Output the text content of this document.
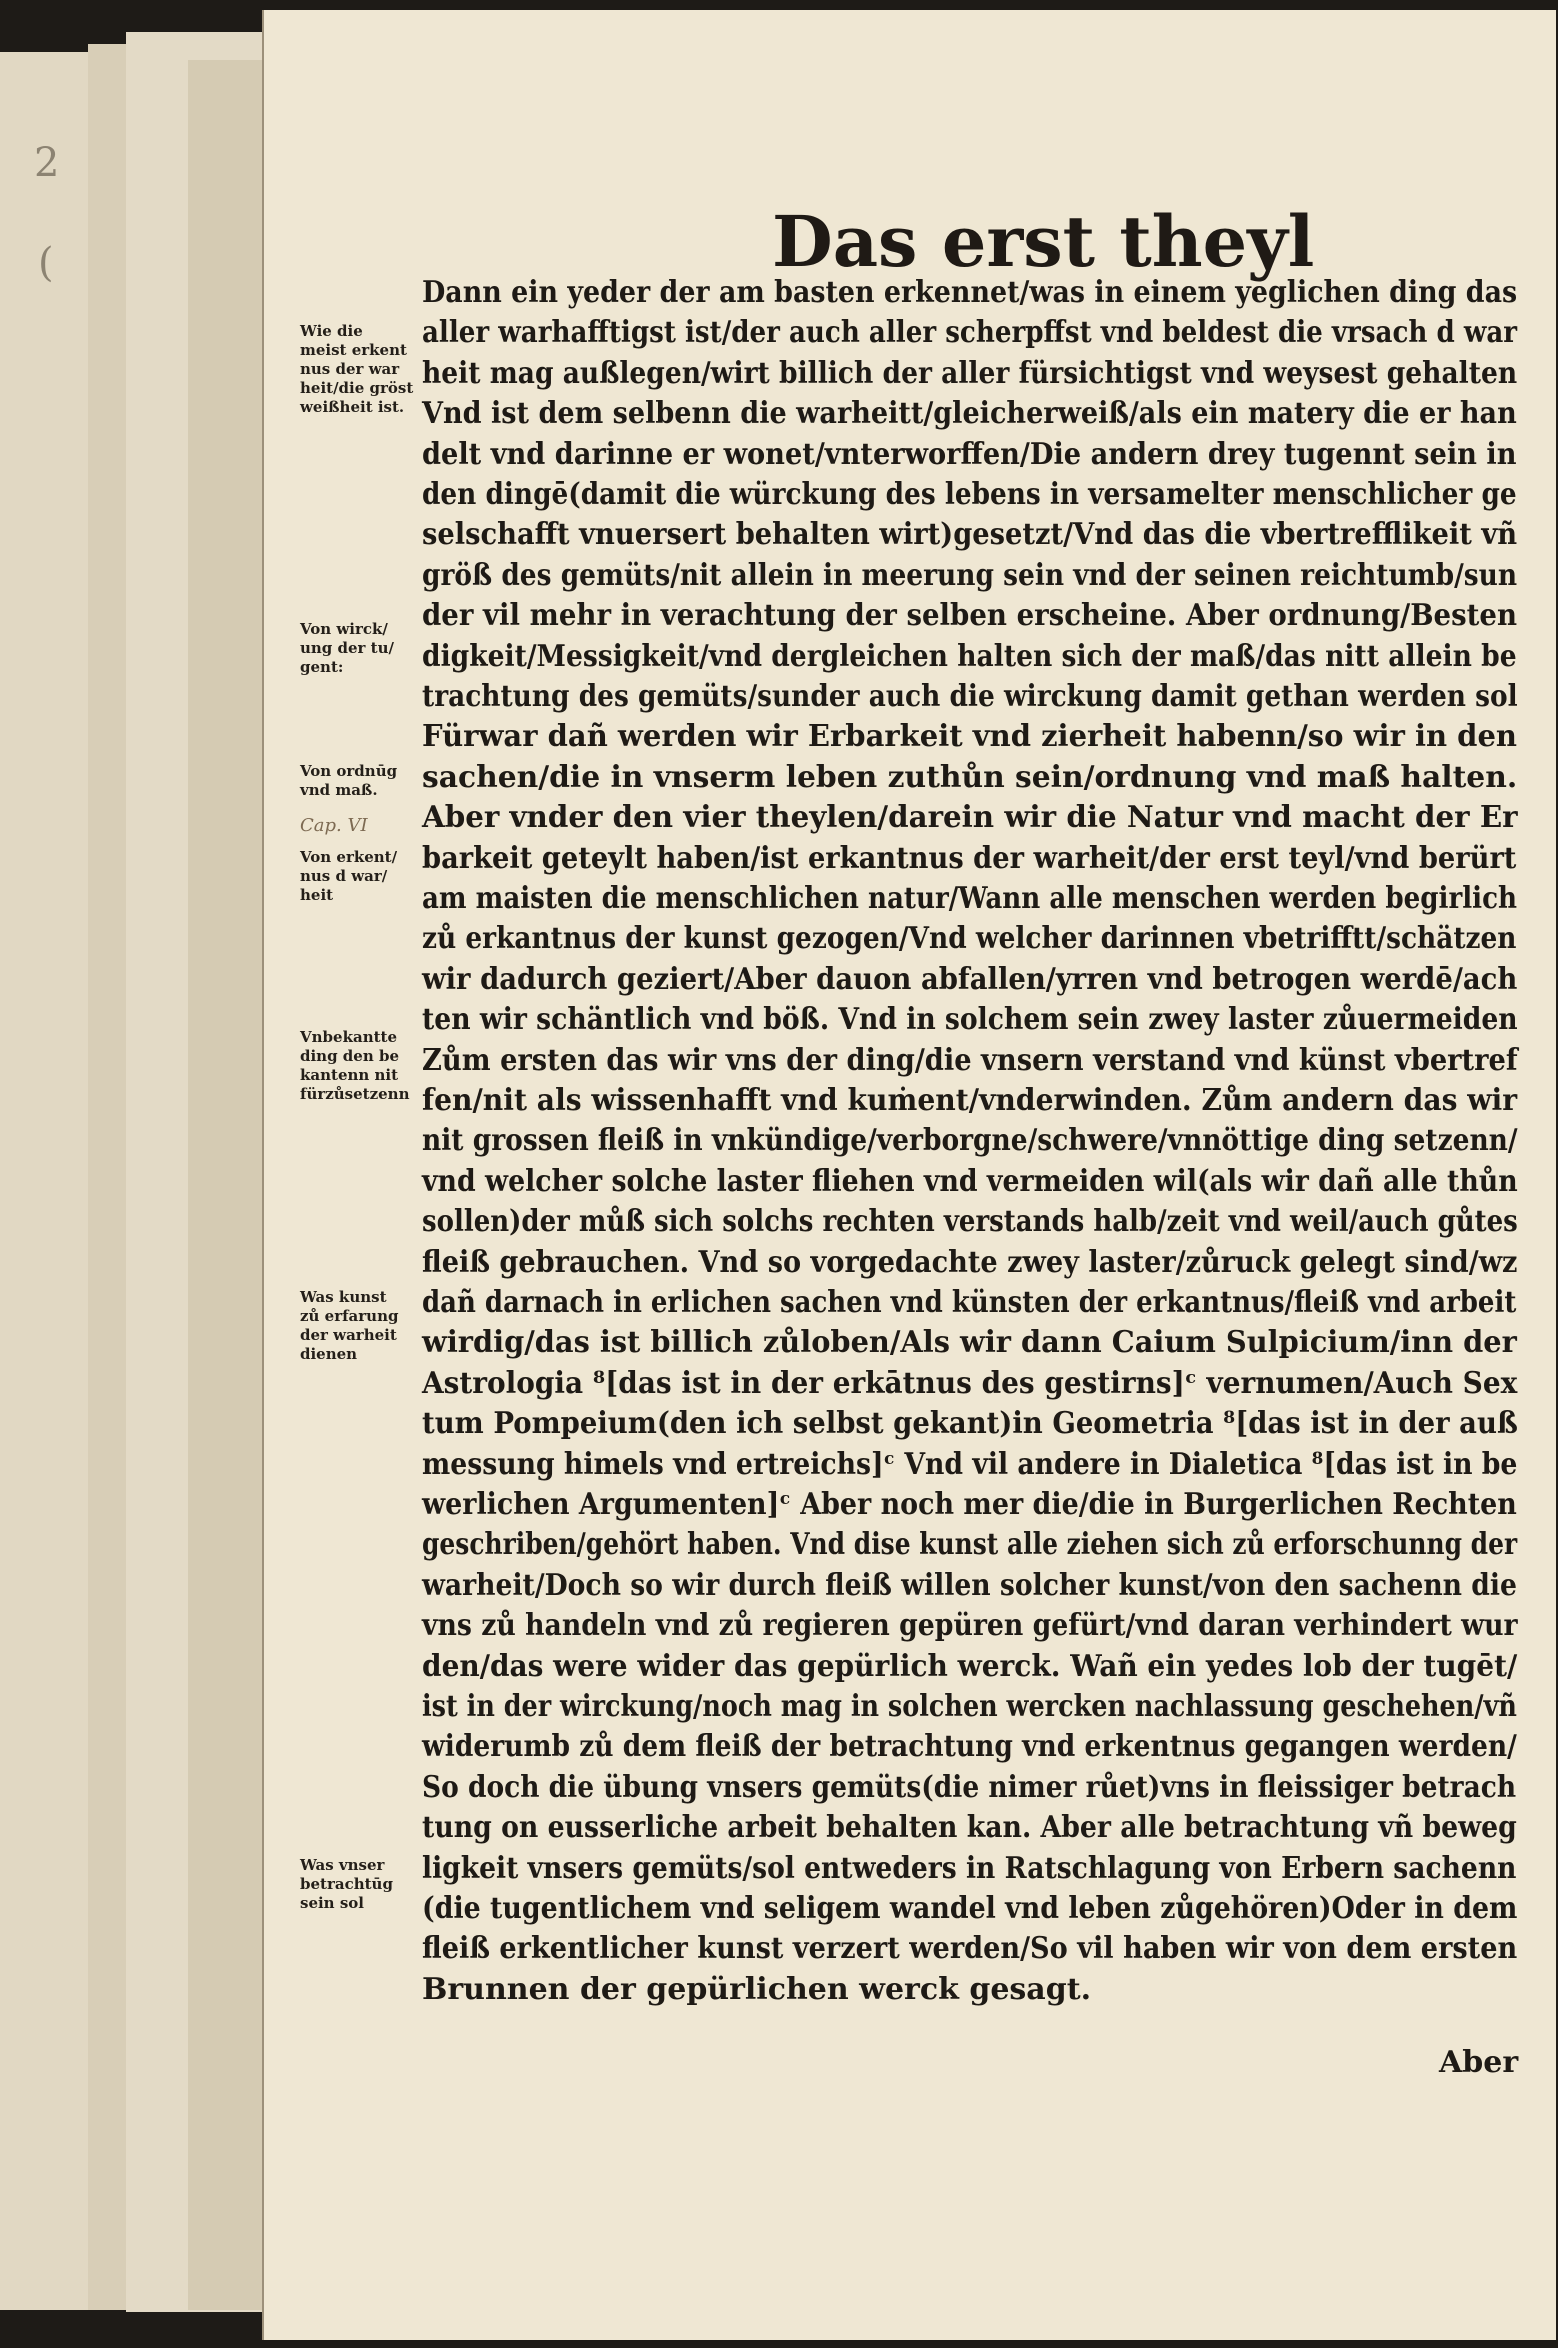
2
(	Das erst theyl
Dann ein yeder der am basten erkennet/was in einem yeglichen ding das
aller warhafftigst ist/der auch aller scherpffst vnd beldest die vrsach d war
heit mag außlegen/wirt billich der aller fürsichtigst vnd weysest gehalten
Vnd ist dem selbenn die warheitt/gleicherweiß/als ein matery die er han
delt vnd darinne er wonet/vnterworffen/Die andern drey tugennt sein in
den dingē(damit die würckung des lebens in versamelter menschlicher ge
selschafft vnuersert behalten wirt)gesetzt/Vnd das die vbertrefflikeit vñ
größ des gemüts/nit allein in meerung sein vnd der seinen reichtumb/sun
der vil mehr in verachtung der selben erscheine. Aber ordnung/Besten
digkeit/Messigkeit/vnd dergleichen halten sich der maß/das nitt allein be
trachtung des gemüts/sunder auch die wirckung damit gethan werden sol
Fürwar dañ werden wir Erbarkeit vnd zierheit habenn/so wir in den
sachen/die in vnserm leben zuthůn sein/ordnung vnd maß halten.
Aber vnder den vier theylen/darein wir die Natur vnd macht der Er
barkeit geteylt haben/ist erkantnus der warheit/der erst teyl/vnd berürt
am maisten die menschlichen natur/Wann alle menschen werden begirlich
zů erkantnus der kunst gezogen/Vnd welcher darinnen vbetrifftt/schätzen
wir dadurch geziert/Aber dauon abfallen/yrren vnd betrogen werdē/ach
ten wir schäntlich vnd böß. Vnd in solchem sein zwey laster zůuermeiden
Zům ersten das wir vns der ding/die vnsern verstand vnd künst vbertref
fen/nit als wissenhafft vnd kuṁent/vnderwinden. Zům andern das wir
nit grossen fleiß in vnkündige/verborgne/schwere/vnnöttige ding setzenn/
vnd welcher solche laster fliehen vnd vermeiden wil(als wir dañ alle thůn
sollen)der můß sich solchs rechten verstands halb/zeit vnd weil/auch gůtes
fleiß gebrauchen. Vnd so vorgedachte zwey laster/zůruck gelegt sind/wz
dañ darnach in erlichen sachen vnd künsten der erkantnus/fleiß vnd arbeit
wirdig/das ist billich zůloben/Als wir dann Caium Sulpicium/inn der
Astrologia ⁸[das ist in der erkātnus des gestirns]ᶜ vernumen/Auch Sex
tum Pompeium(den ich selbst gekant)in Geometria ⁸[das ist in der auß
messung himels vnd ertreichs]ᶜ Vnd vil andere in Dialetica ⁸[das ist in be
werlichen Argumenten]ᶜ Aber noch mer die/die in Burgerlichen Rechten
geschriben/gehört haben. Vnd dise kunst alle ziehen sich zů erforschunng der
warheit/Doch so wir durch fleiß willen solcher kunst/von den sachenn die
vns zů handeln vnd zů regieren gepüren gefürt/vnd daran verhindert wur
den/das were wider das gepürlich werck. Wañ ein yedes lob der tugēt/
ist in der wirckung/noch mag in solchen wercken nachlassung geschehen/vñ
widerumb zů dem fleiß der betrachtung vnd erkentnus gegangen werden/
So doch die übung vnsers gemüts(die nimer růet)vns in fleissiger betrach
tung on eusserliche arbeit behalten kan. Aber alle betrachtung vñ beweg
ligkeit vnsers gemüts/sol entweders in Ratschlagung von Erbern sachenn
(die tugentlichem vnd seligem wandel vnd leben zůgehören)Oder in dem
fleiß erkentlicher kunst verzert werden/So vil haben wir von dem ersten
Brunnen der gepürlichen werck gesagt.
Wie die
meist erkent
nus der war
heit/die gröst
weißheit ist.
Von wirck/
ung der tu/
gent:
Von ordnūg
vnd maß.
Von erkent/
nus d war/
heit
Vnbekantte
ding den be
kantenn nit
fürzůsetzenn
Was kunst
zů erfarung
der warheit
dienen
Was vnser
betrachtūg
sein sol
Cap. VI
Aber
